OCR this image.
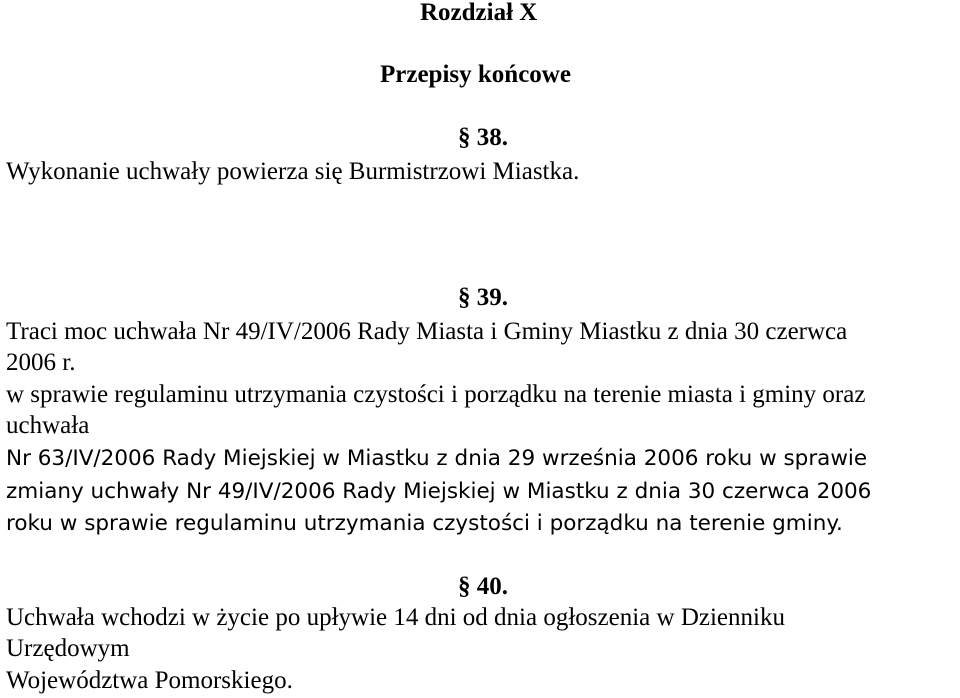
Rozdział X
Przepisy końcowe
§ 38.
Wykonanie uchwały powierza się Burmistrzowi Miastka.
§ 39.
Traci moc uchwała Nr 49/IV/2006 Rady Miasta i Gminy Miastku z dnia 30 czerwca
2006 r.
w sprawie regulaminu utrzymania czystości i porządku na terenie miasta i gminy oraz
uchwała
Nr 63/IV/2006 Rady Miejskiej w Miastku z dnia 29 września 2006 roku w sprawie
zmiany uchwały Nr 49/IV/2006 Rady Miejskiej w Miastku z dnia 30 czerwca 2006
roku w sprawie regulaminu utrzymania czystości i porządku na terenie gminy.
§ 40.
Uchwała wchodzi w życie po upływie 14 dni od dnia ogłoszenia w Dzienniku
Urzędowym
Województwa Pomorskiego.
